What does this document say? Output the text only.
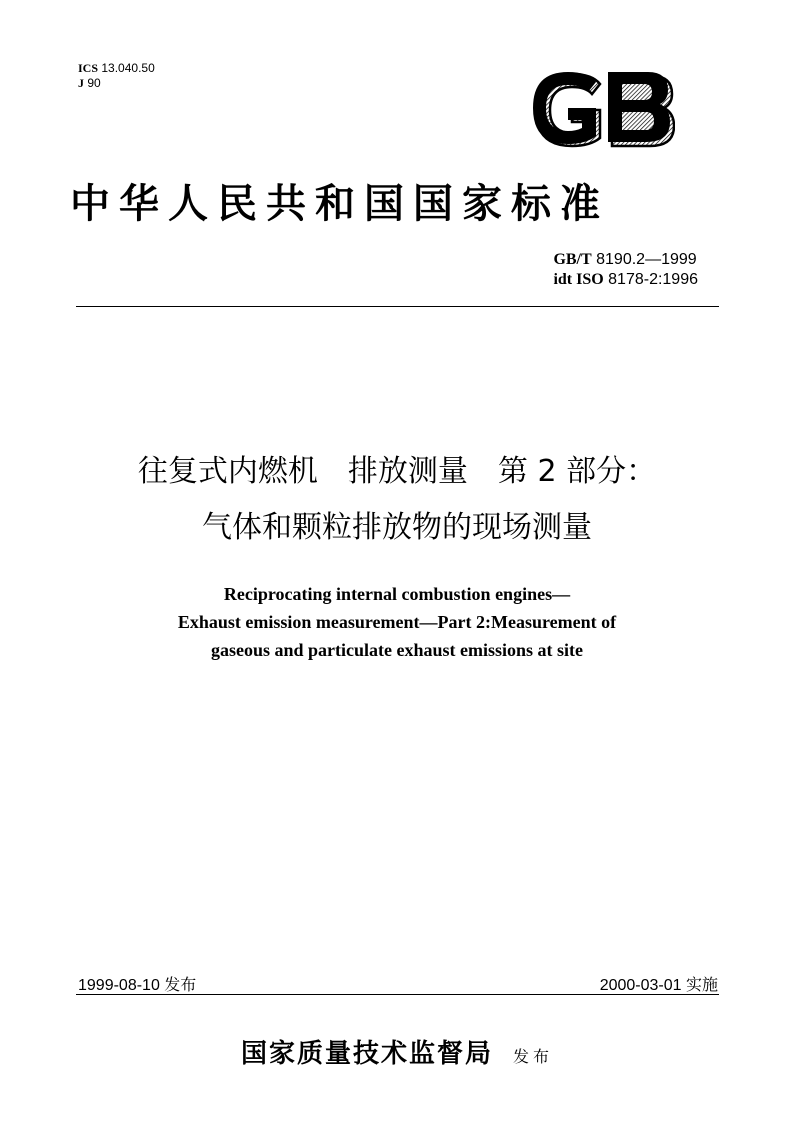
ICS 13.040.50
J 90
GB
中华人民共和国国家标准
GB/T 8190.2—1999
idt ISO 8178-2:1996
往复式内燃机　排放测量　第 2 部分：
气体和颗粒排放物的现场测量
Reciprocating internal combustion engines—
Exhaust emission measurement—Part 2:Measurement of
gaseous and particulate exhaust emissions at site
1999-08-10 发布	2000-03-01 实施
国家质量技术监督局 发布
